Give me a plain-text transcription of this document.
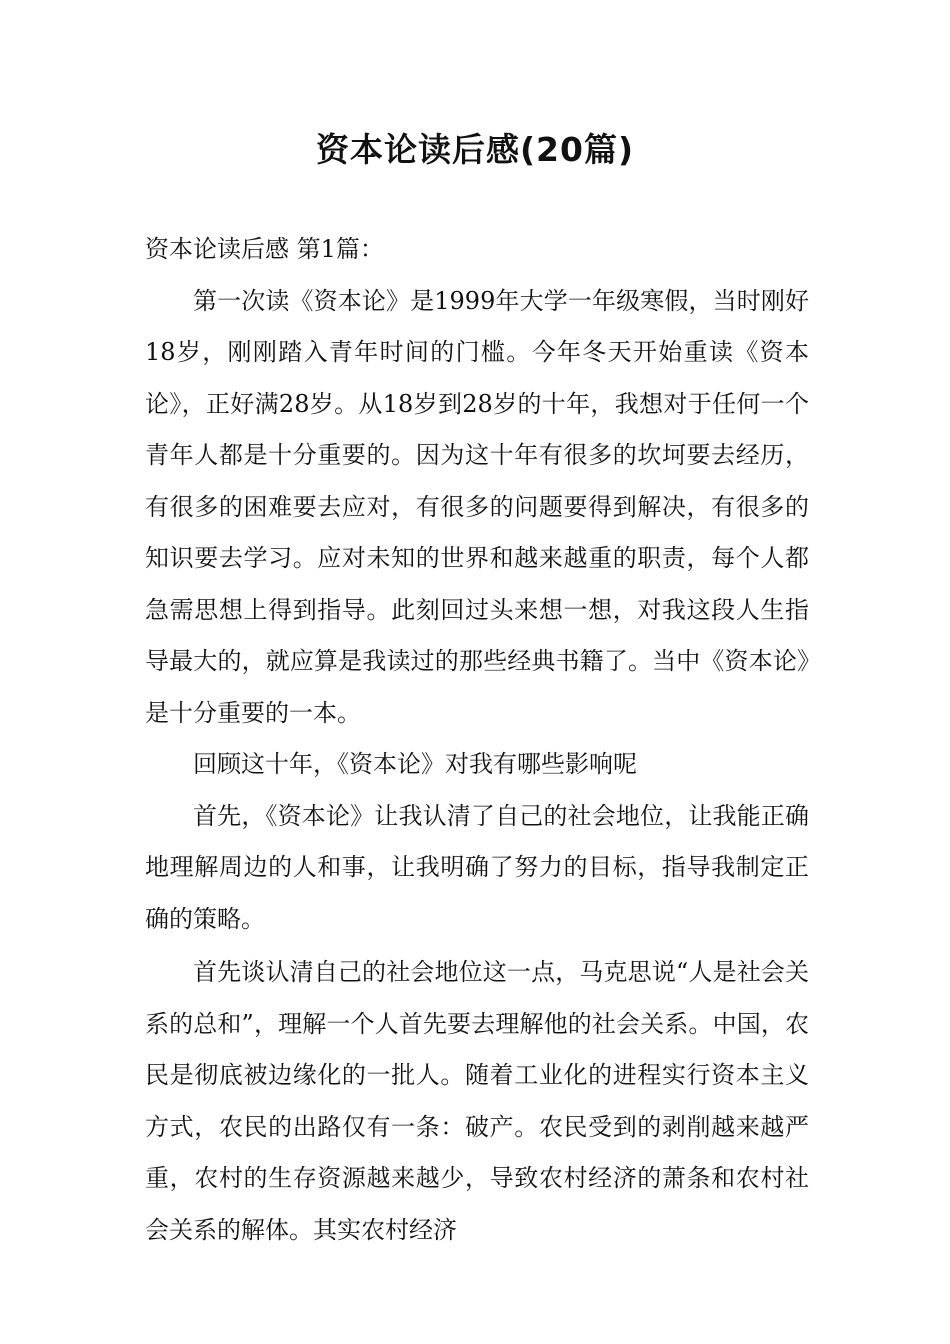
资本论读后感(20篇)

资本论读后感 第1篇：

第一次读《资本论》是1999年大学一年级寒假，当时刚好18岁，刚刚踏入青年时间的门槛。今年冬天开始重读《资本论》，正好满28岁。从18岁到28岁的十年，我想对于任何一个青年人都是十分重要的。因为这十年有很多的坎坷要去经历，有很多的困难要去应对，有很多的问题要得到解决，有很多的知识要去学习。应对未知的世界和越来越重的职责，每个人都急需思想上得到指导。此刻回过头来想一想，对我这段人生指导最大的，就应算是我读过的那些经典书籍了。当中《资本论》是十分重要的一本。

回顾这十年，《资本论》对我有哪些影响呢

首先，《资本论》让我认清了自己的社会地位，让我能正确地理解周边的人和事，让我明确了努力的目标，指导我制定正确的策略。

首先谈认清自己的社会地位这一点，马克思说“人是社会关系的总和”，理解一个人首先要去理解他的社会关系。中国，农民是彻底被边缘化的一批人。随着工业化的进程实行资本主义方式，农民的出路仅有一条：破产。农民受到的剥削越来越严重，农村的生存资源越来越少，导致农村经济的萧条和农村社会关系的解体。其实农村经济
